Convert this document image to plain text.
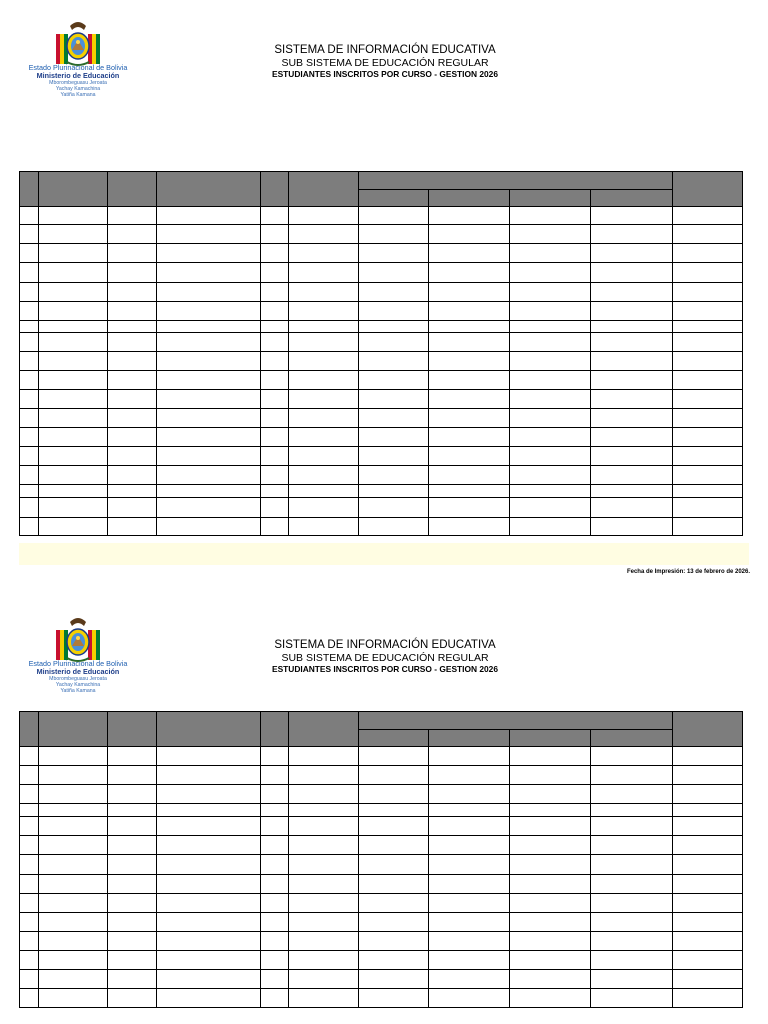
Estado Plurinacional de Bolivia
Ministerio de Educación
Mborombeguasu Jeroata
Yachay Kamachina
Yatiña Kamana
SISTEMA DE INFORMACIÓN EDUCATIVA
SUB SISTEMA DE EDUCACIÓN REGULAR
ESTUDIANTES INSCRITOS POR CURSO - GESTION 2026

Fecha de Impresión: 13 de febrero de 2026.
Estado Plurinacional de Bolivia
Ministerio de Educación
Mborombeguasu Jeroata
Yachay Kamachina
Yatiña Kamana
SISTEMA DE INFORMACIÓN EDUCATIVA
SUB SISTEMA DE EDUCACIÓN REGULAR
ESTUDIANTES INSCRITOS POR CURSO - GESTION 2026
